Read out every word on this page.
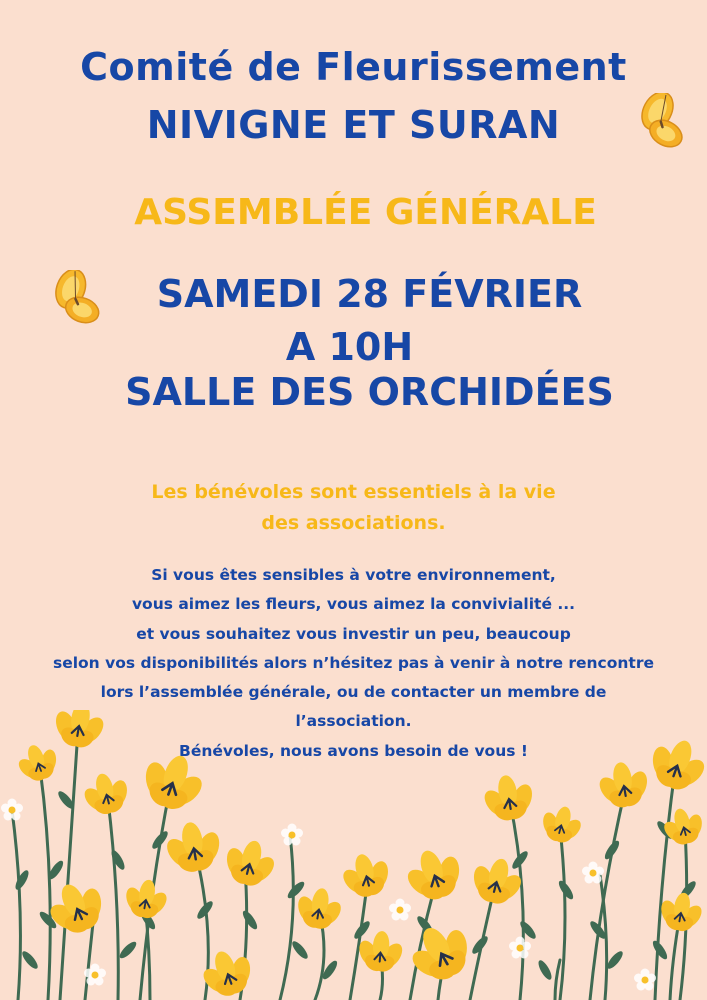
Comité de Fleurissement
NIVIGNE ET SURAN
ASSEMBLÉE GÉNÉRALE
SAMEDI 28 FÉVRIER
A 10H
SALLE DES ORCHIDÉES
Les bénévoles sont essentiels à la vie
des associations.
Si vous êtes sensibles à votre environnement,
vous aimez les fleurs, vous aimez la convivialité ...
et vous souhaitez vous investir un peu, beaucoup
selon vos disponibilités alors n’hésitez pas à venir à notre rencontre
lors l’assemblée générale, ou de contacter un membre de
l’association.
Bénévoles, nous avons besoin de vous !
